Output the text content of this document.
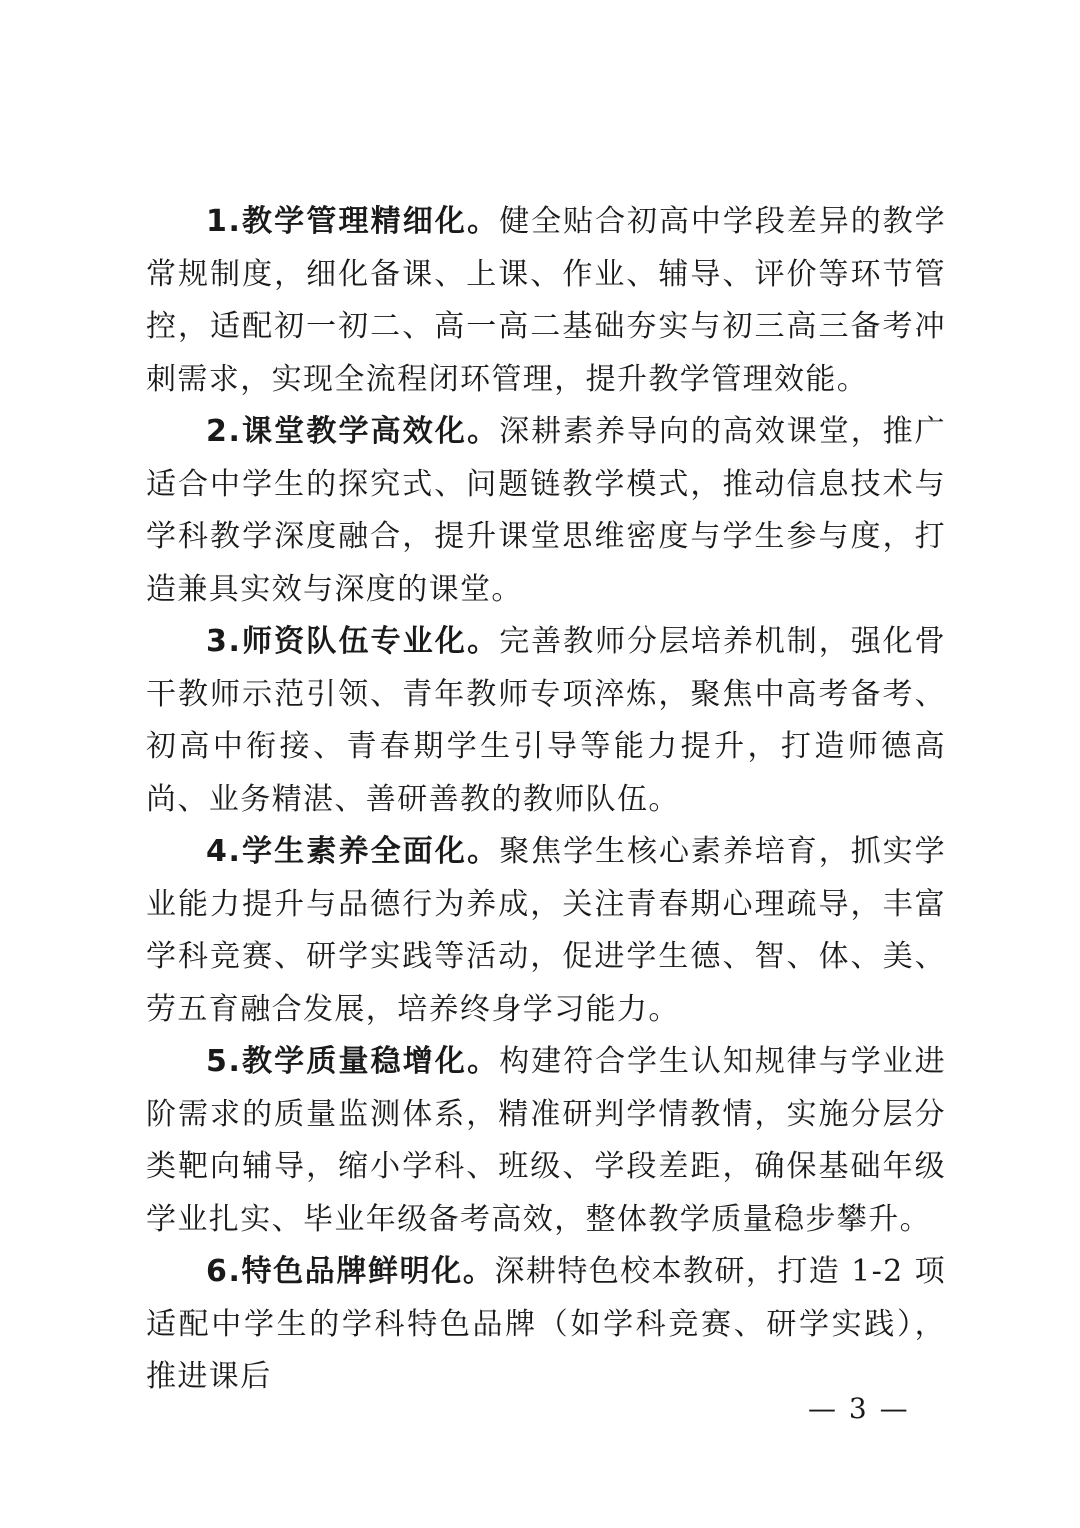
1.教学管理精细化。健全贴合初高中学段差异的教学常规制度，细化备课、上课、作业、辅导、评价等环节管控，适配初一初二、高一高二基础夯实与初三高三备考冲刺需求，实现全流程闭环管理，提升教学管理效能。

2.课堂教学高效化。深耕素养导向的高效课堂，推广适合中学生的探究式、问题链教学模式，推动信息技术与学科教学深度融合，提升课堂思维密度与学生参与度，打造兼具实效与深度的课堂。

3.师资队伍专业化。完善教师分层培养机制，强化骨干教师示范引领、青年教师专项淬炼，聚焦中高考备考、初高中衔接、青春期学生引导等能力提升，打造师德高尚、业务精湛、善研善教的教师队伍。

4.学生素养全面化。聚焦学生核心素养培育，抓实学业能力提升与品德行为养成，关注青春期心理疏导，丰富学科竞赛、研学实践等活动，促进学生德、智、体、美、劳五育融合发展，培养终身学习能力。

5.教学质量稳增化。构建符合学生认知规律与学业进阶需求的质量监测体系，精准研判学情教情，实施分层分类靶向辅导，缩小学科、班级、学段差距，确保基础年级学业扎实、毕业年级备考高效，整体教学质量稳步攀升。

6.特色品牌鲜明化。深耕特色校本教研，打造 1-2 项适配中学生的学科特色品牌（如学科竞赛、研学实践），推进课后

— 3 —
